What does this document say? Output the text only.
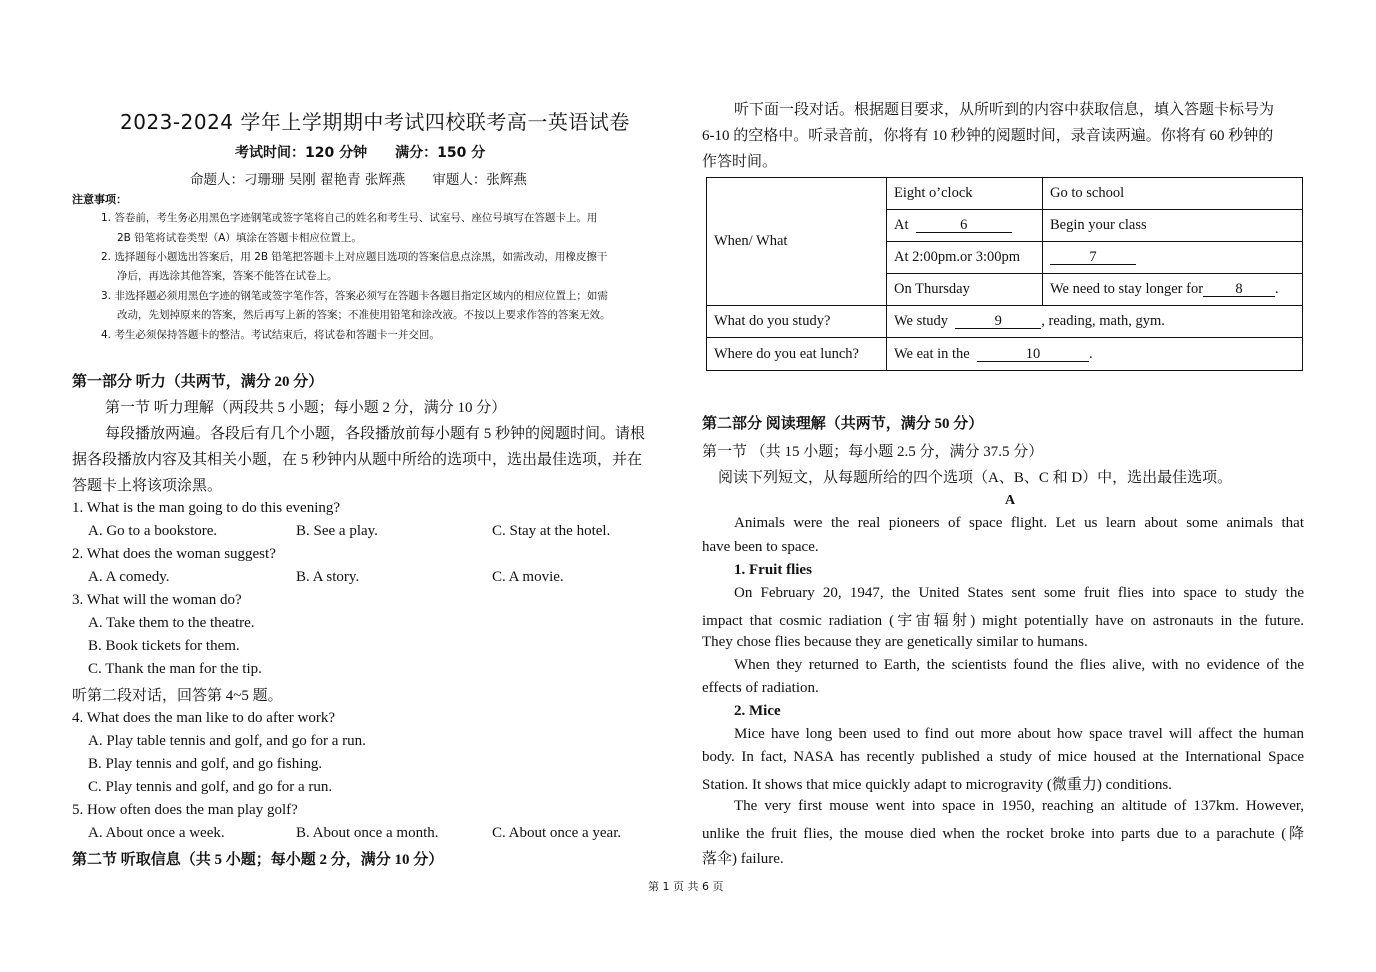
2023-2024 学年上学期期中考试四校联考高一英语试卷
考试时间：120 分钟　　满分：150 分
命题人：刁珊珊 吴刚 翟艳青 张辉燕　　审题人：张辉燕
注意事项：
1. 答卷前，考生务必用黑色字迹钢笔或签字笔将自己的姓名和考生号、试室号、座位号填写在答题卡上。用
2B 铅笔将试卷类型（A）填涂在答题卡相应位置上。
2. 选择题每小题选出答案后，用 2B 铅笔把答题卡上对应题目选项的答案信息点涂黑，如需改动，用橡皮擦干
净后，再选涂其他答案，答案不能答在试卷上。
3. 非选择题必须用黑色字迹的钢笔或签字笔作答，答案必须写在答题卡各题目指定区域内的相应位置上；如需
改动，先划掉原来的答案，然后再写上新的答案；不准使用铅笔和涂改液。不按以上要求作答的答案无效。
4. 考生必须保持答题卡的整洁。考试结束后，将试卷和答题卡一并交回。
第一部分 听力（共两节，满分 20 分）
第一节 听力理解（两段共 5 小题；每小题 2 分，满分 10 分）
每段播放两遍。各段后有几个小题，各段播放前每小题有 5 秒钟的阅题时间。请根
据各段播放内容及其相关小题，在 5 秒钟内从题中所给的选项中，选出最佳选项，并在
答题卡上将该项涂黑。
1. What is the man going to do this evening?
A. Go to a bookstore.	B. See a play.	C. Stay at the hotel.
2. What does the woman suggest?
A. A comedy.	B. A story.	C. A movie.
3. What will the woman do?
A. Take them to the theatre.
B. Book tickets for them.
C. Thank the man for the tip.
听第二段对话，回答第 4~5 题。
4. What does the man like to do after work?
A. Play table tennis and golf, and go for a run.
B. Play tennis and golf, and go fishing.
C. Play tennis and golf, and go for a run.
5. How often does the man play golf?
A. About once a week.	B. About once a month.	C. About once a year.
第二节 听取信息（共 5 小题；每小题 2 分，满分 10 分）
听下面一段对话。根据题目要求，从所听到的内容中获取信息，填入答题卡标号为
6-10 的空格中。听录音前，你将有 10 秒钟的阅题时间，录音读两遍。你将有 60 秒钟的
作答时间。
When/ What	Eight o’clock	Go to school
	At 6	Begin your class
	At 2:00pm.or 3:00pm	7
	On Thursday	We need to stay longer for 8 .
What do you study?	We study 9 , reading, math, gym.	
Where do you eat lunch?	We eat in the 10 .	
第二部分 阅读理解（共两节，满分 50 分）
第一节 （共 15 小题；每小题 2.5 分，满分 37.5 分）
阅读下列短文，从每题所给的四个选项（A、B、C 和 D）中，选出最佳选项。
A
Animals were the real pioneers of space flight. Let us learn about some animals that
have been to space.
1. Fruit flies
On February 20, 1947, the United States sent some fruit flies into space to study the
impact that cosmic radiation (宇宙辐射) might potentially have on astronauts in the future.
They chose flies because they are genetically similar to humans.
When they returned to Earth, the scientists found the flies alive, with no evidence of the
effects of radiation.
2. Mice
Mice have long been used to find out more about how space travel will affect the human
body. In fact, NASA has recently published a study of mice housed at the International Space
Station. It shows that mice quickly adapt to microgravity (微重力) conditions.
The very first mouse went into space in 1950, reaching an altitude of 137km. However,
unlike the fruit flies, the mouse died when the rocket broke into parts due to a parachute (降
落伞) failure.
第 1 页 共 6 页
